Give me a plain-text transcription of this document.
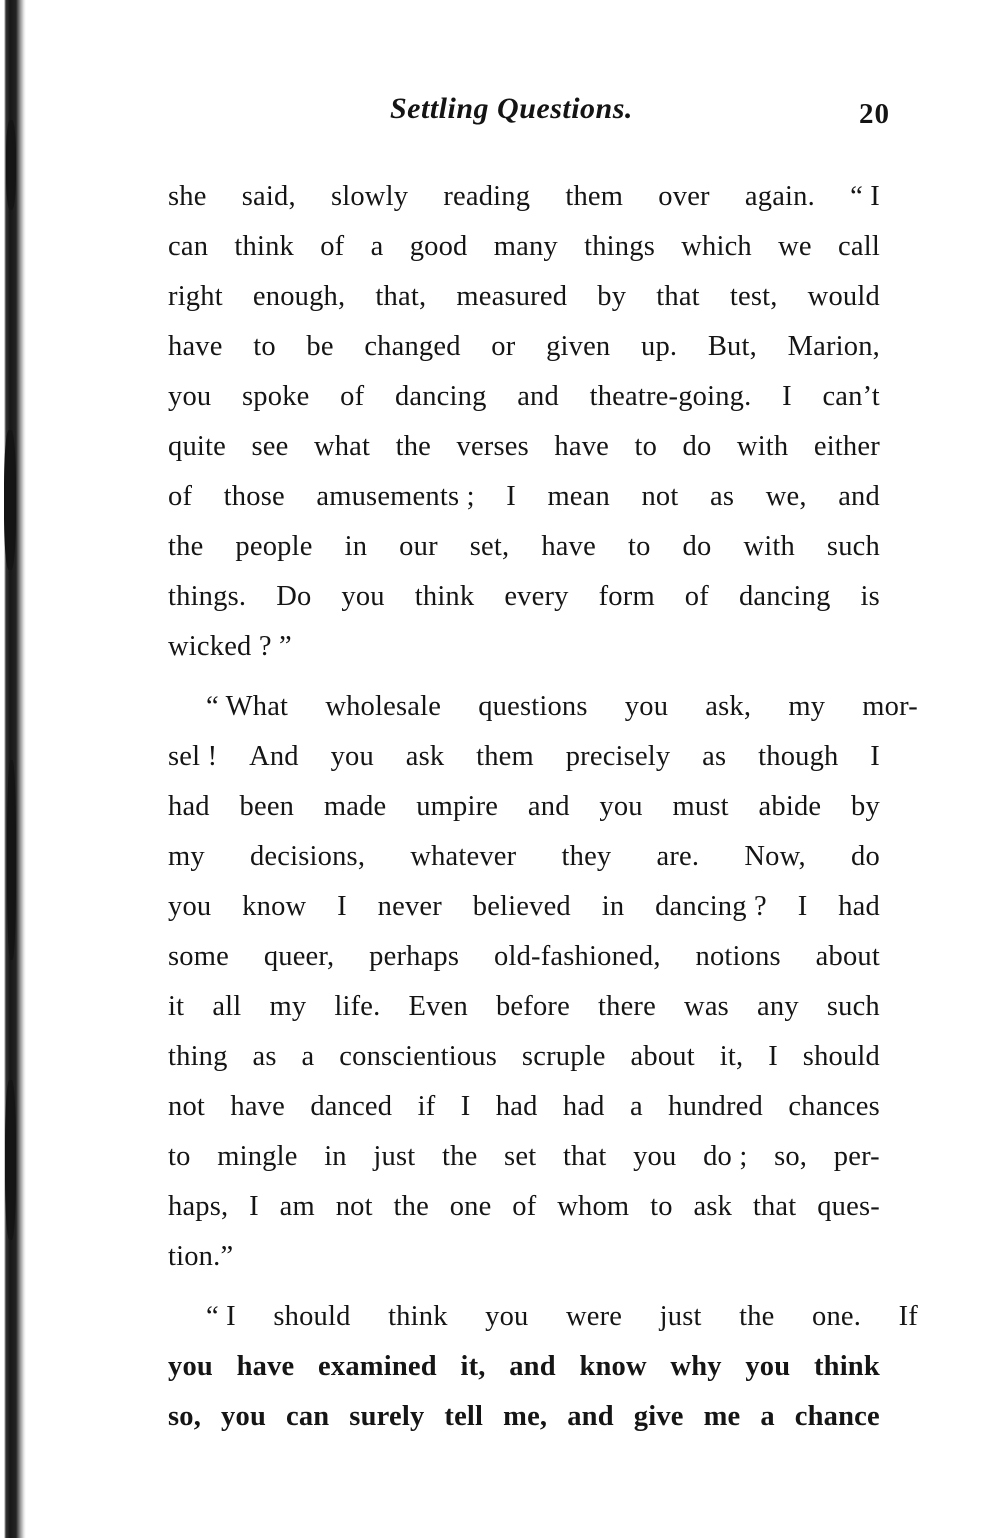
Settling Questions.	20

she said, slowly reading them over again. “ I
can think of a good many things which we call
right enough, that, measured by that test, would
have to be changed or given up. But, Marion,
you spoke of dancing and theatre-going. I can’t
quite see what the verses have to do with either
of those amusements ; I mean not as we, and
the people in our set, have to do with such
things. Do you think every form of dancing is
wicked ? ”

“ What wholesale questions you ask, my mor-
sel ! And you ask them precisely as though I
had been made umpire and you must abide by
my decisions, whatever they are. Now, do
you know I never believed in dancing ? I had
some queer, perhaps old-fashioned, notions about
it all my life. Even before there was any such
thing as a conscientious scruple about it, I should
not have danced if I had had a hundred chances
to mingle in just the set that you do ; so, per-
haps, I am not the one of whom to ask that ques-
tion.”

“ I should think you were just the one. If
you have examined it, and know why you think
so, you can surely tell me, and give me a chance
